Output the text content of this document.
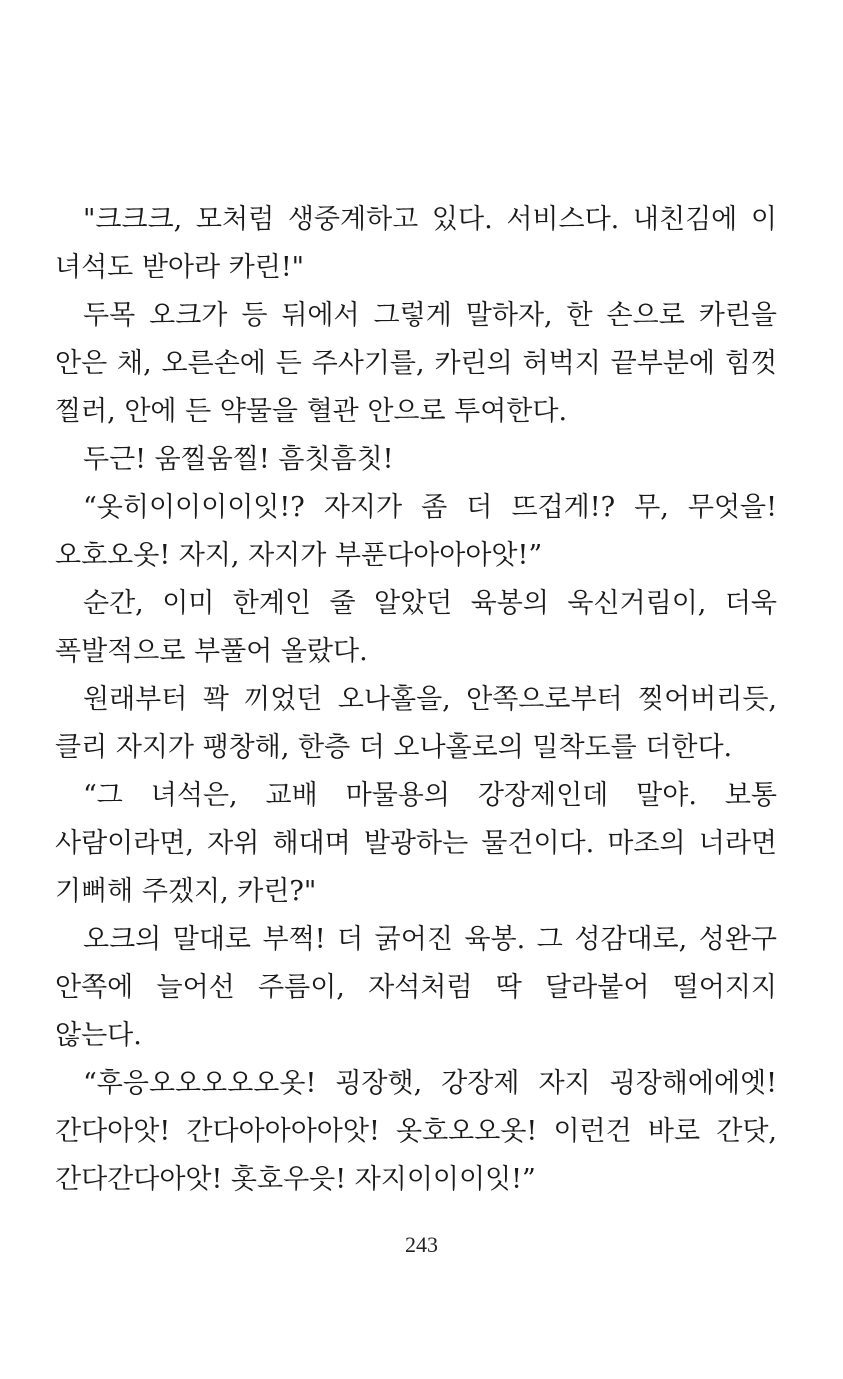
"크크크, 모처럼 생중계하고 있다. 서비스다. 내친김에 이 녀석도 받아라 카린!"

두목 오크가 등 뒤에서 그렇게 말하자, 한 손으로 카린을 안은 채, 오른손에 든 주사기를, 카린의 허벅지 끝부분에 힘껏 찔러, 안에 든 약물을 혈관 안으로 투여한다.

두근! 움찔움찔! 흠칫흠칫!

“옷히이이이이잇!? 자지가 좀 더 뜨겁게!? 무, 무엇을! 오호오옷! 자지, 자지가 부푼다아아아앗!”

순간, 이미 한계인 줄 알았던 육봉의 욱신거림이, 더욱 폭발적으로 부풀어 올랐다.

원래부터 꽉 끼었던 오나홀을, 안쪽으로부터 찢어버리듯, 클리 자지가 팽창해, 한층 더 오나홀로의 밀착도를 더한다.

“그 녀석은, 교배 마물용의 강장제인데 말야. 보통 사람이라면, 자위 해대며 발광하는 물건이다. 마조의 너라면 기뻐해 주겠지, 카린?"

오크의 말대로 부쩍! 더 굵어진 육봉. 그 성감대로, 성완구 안쪽에 늘어선 주름이, 자석처럼 딱 달라붙어 떨어지지 않는다.

“후응오오오오오옷! 굉장햇, 강장제 자지 굉장해에에엣! 간다아앗! 간다아아아아앗! 옷호오오옷! 이런건 바로 간닷, 간다간다아앗! 홋호우읏! 자지이이이잇!”

243
